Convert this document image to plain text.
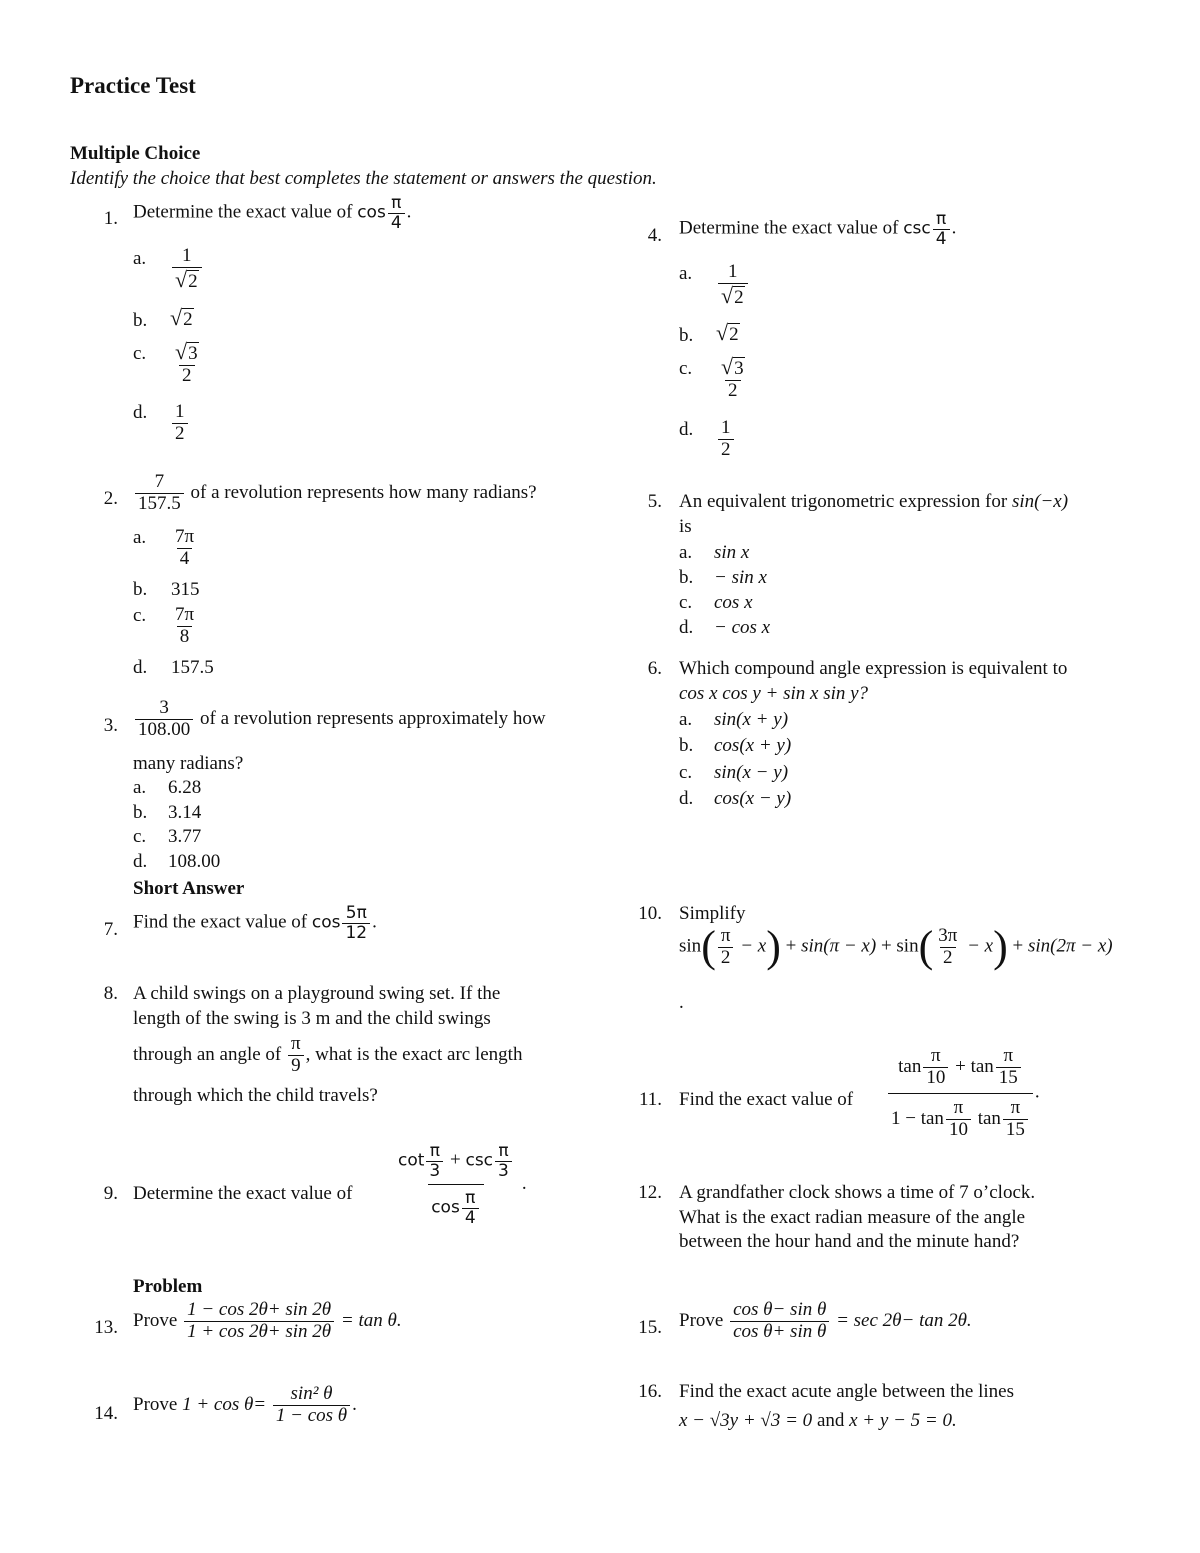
Practice Test
Multiple Choice
Identify the choice that best completes the statement or answers the question.
1. Determine the exact value of $\cos \frac{\pi}{4}$ .
a.	$\frac{1}{√2}$
b.	√2
c.	$\frac{√3}{2}$
d.	$\frac{1}{2}$
2. $\frac{7}{157.5}$ of a revolution represents how many radians?
a.	$\frac{7\pi}{4}$
b. 315
c.	$\frac{7\pi}{8}$
d. 157.5
3. $\frac{3}{108.00}$ of a revolution represents approximately how
many radians?
a. 6.28
b. 3.14
c. 3.77
d. 108.00
4. Determine the exact value of $\csc \frac{\pi}{4}$ .
a.	$\frac{1}{√2}$
b.	√2
c.	$\frac{√3}{2}$
d.	$\frac{1}{2}$
5. An equivalent trigonometric expression for sin(−x)
is
a. sin x
b. − sin x
c. cos x
d. − cos x
6. Which compound angle expression is equivalent to
cos x cos y + sin x sin y?
a. sin(x + y)
b. cos(x + y)
c. sin(x − y)
d. cos(x − y)
Short Answer
7. Find the exact value of $\cos \frac{5\pi}{12}$ .
8. A child swings on a playground swing set. If the
length of the swing is 3 m and the child swings
through an angle of $\frac{\pi}{9}$ , what is the exact arc length
through which the child travels?
9. Determine the exact value of $\frac{\cot \frac{\pi}{3} + \csc \frac{\pi}{3}}{\cos \frac{\pi}{4}}$ .
10. Simplify
$\sin( \frac{\pi}{2} - x) + \sin(\pi - x) + \sin( \frac{3\pi}{2} - x) + \sin(2\pi - x)$
.
11. Find the exact value of $\frac{\tan \frac{\pi}{10} + \tan \frac{\pi}{15}}{1 - \tan \frac{\pi}{10} \tan \frac{\pi}{15}}$ .
12. A grandfather clock shows a time of 7 o’clock.
What is the exact radian measure of the angle
between the hour hand and the minute hand?
Problem
13. Prove $\frac{1 - \cos 2\theta+ \sin 2\theta}{1 + \cos 2\theta+ \sin 2\theta} = \tan \theta$.
14. Prove $1 + \cos \theta= \frac{\text{sin² θ}}{\text{1 − cos θ}}$ .
15. Prove $\frac{\text{cos θ− sin θ}}{\text{cos θ+ sin θ}} = \sec 2\theta- \tan 2\theta$.
16. Find the exact acute angle between the lines
x − √3y + √3 = 0 and x + y − 5 = 0.
